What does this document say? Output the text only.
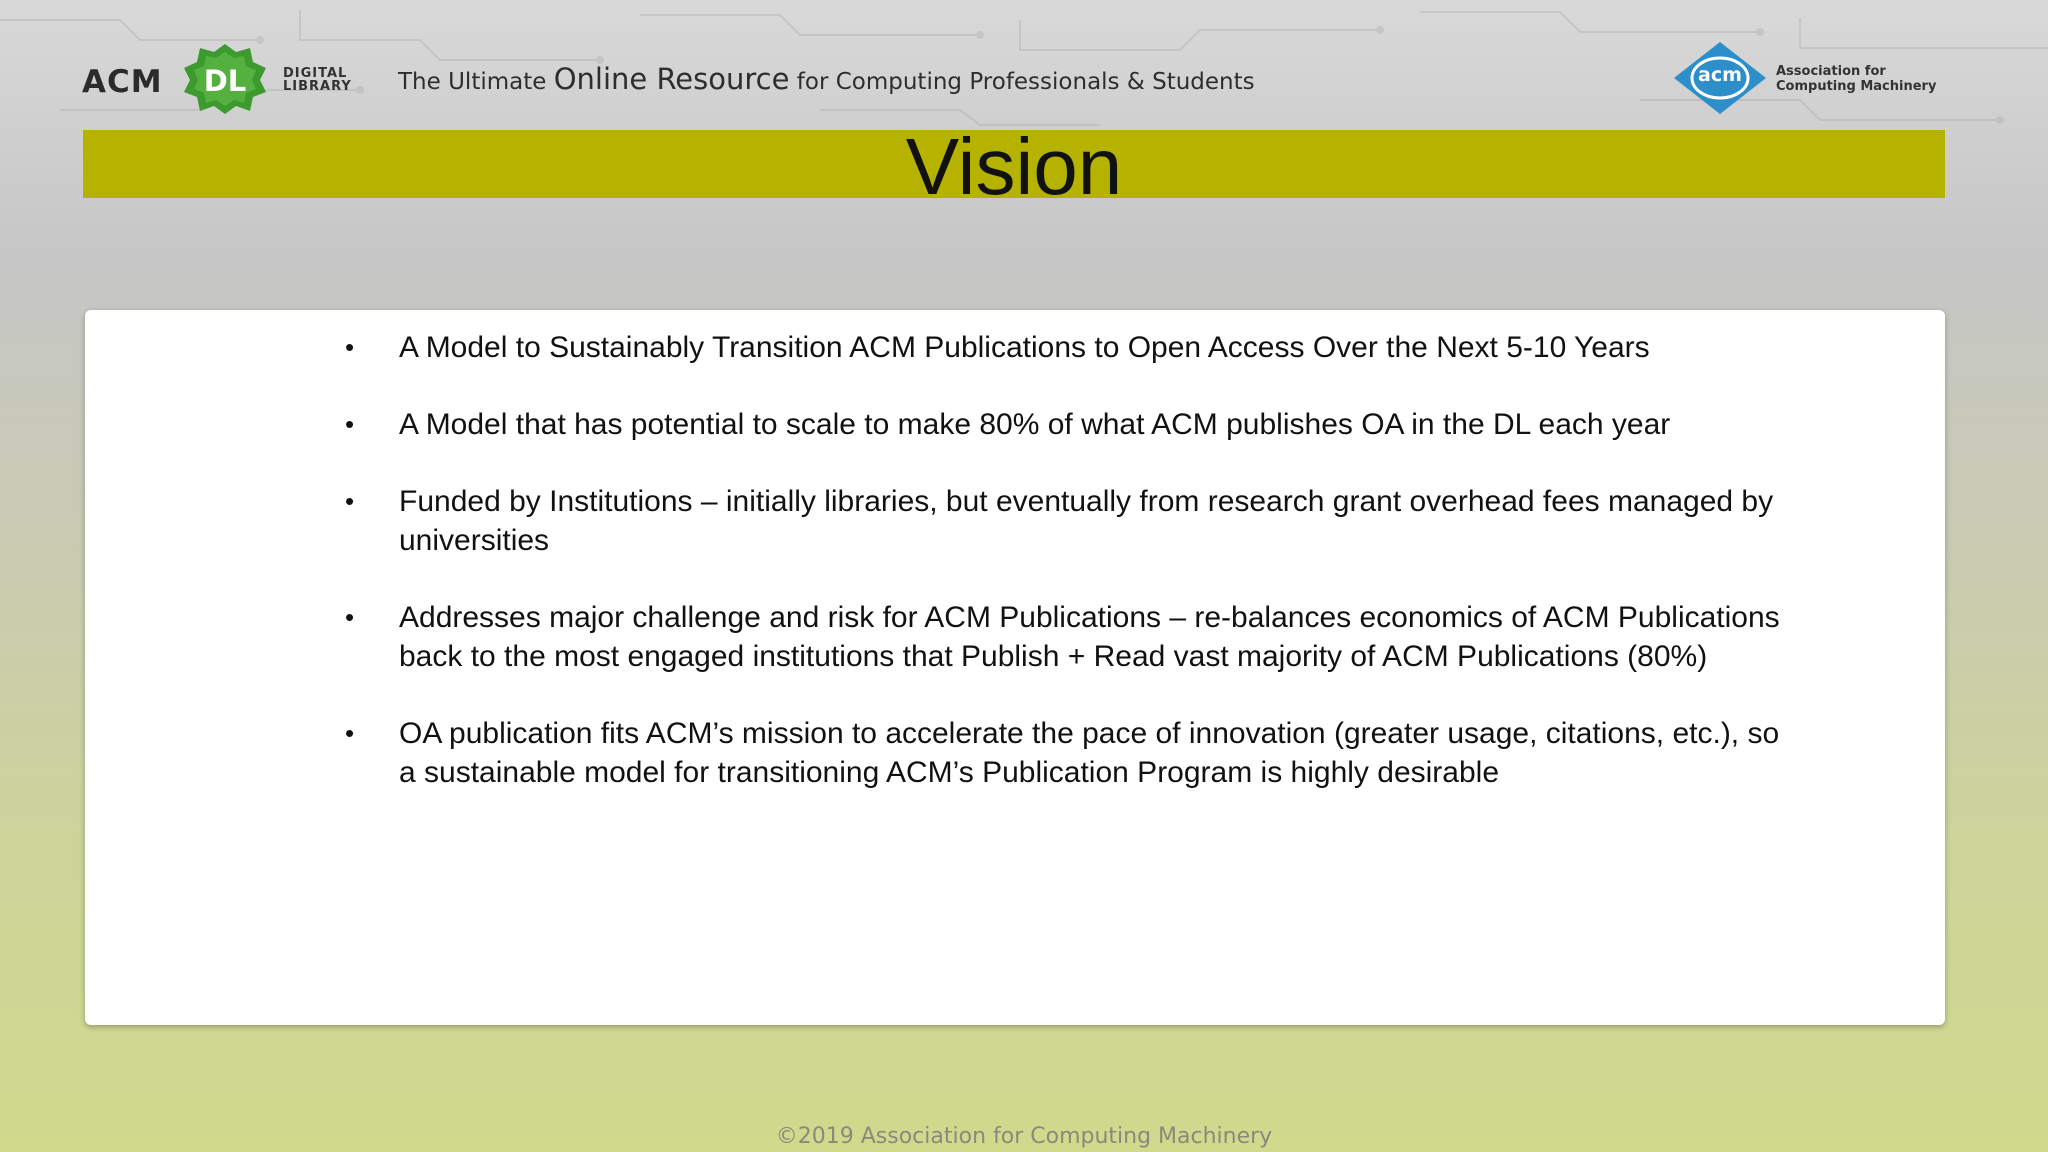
ACM DL	DIGITAL
LIBRARY The Ultimate Online Resource for Computing Professionals & Students	acm	Association for
Computing Machinery
Vision
•	A Model to Sustainably Transition ACM Publications to Open Access Over the Next 5-10 Years
•	A Model that has potential to scale to make 80% of what ACM publishes OA in the DL each year
•	Funded by Institutions – initially libraries, but eventually from research grant overhead fees managed by universities
•	Addresses major challenge and risk for ACM Publications – re-balances economics of ACM Publications back to the most engaged institutions that Publish + Read vast majority of ACM Publications (80%)
•	OA publication fits ACM’s mission to accelerate the pace of innovation (greater usage, citations, etc.), so a sustainable model for transitioning ACM’s Publication Program is highly desirable
©2019 Association for Computing Machinery
